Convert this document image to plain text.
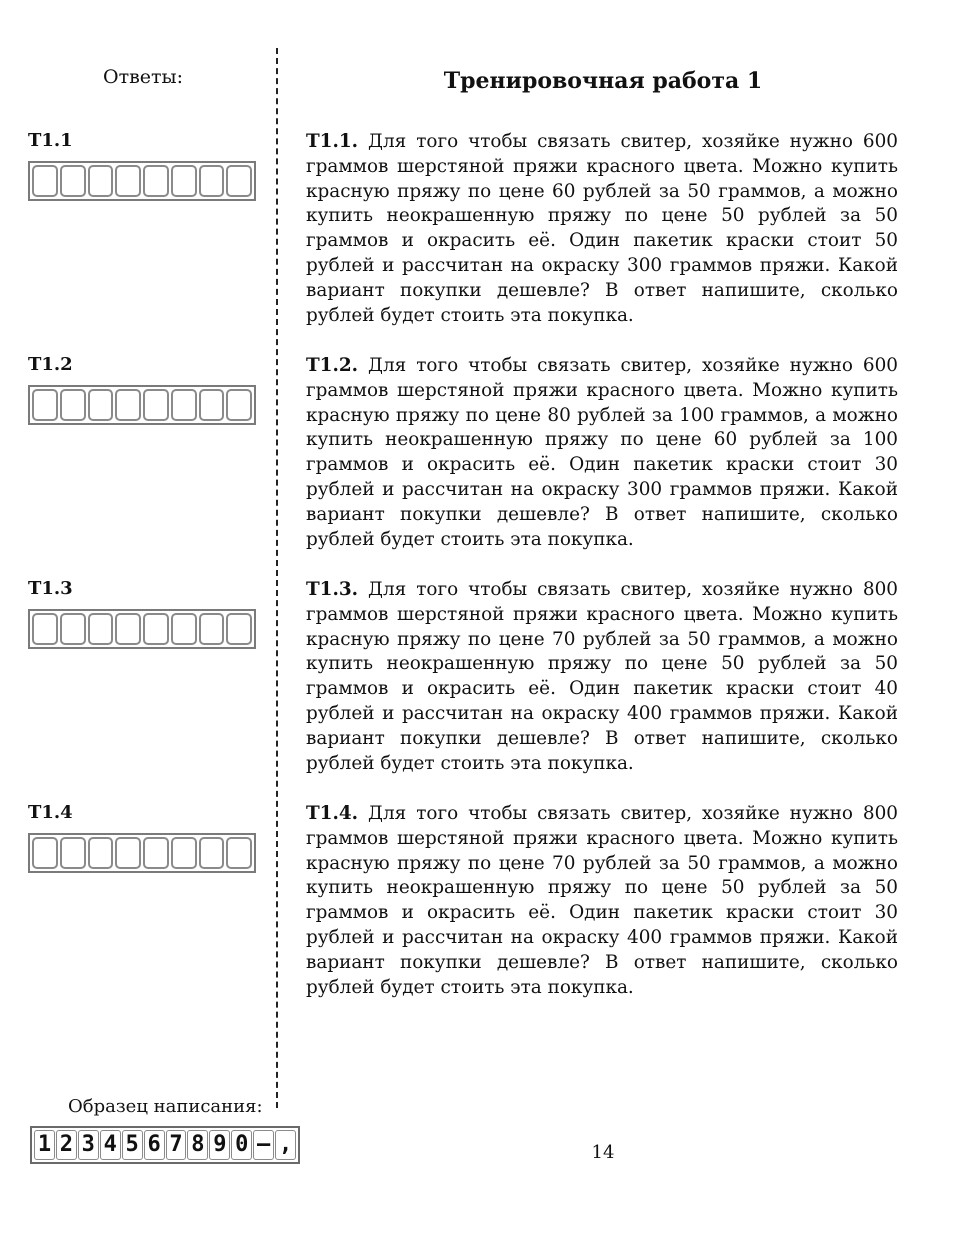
Ответы:	Тренировочная работа 1
Т1.1
Т1.2
Т1.3
Т1.4

Т1.1. Для того чтобы связать свитер, хозяйке нужно 600 граммов шерстяной пряжи красного цвета. Можно купить красную пряжу по цене 60 рублей за 50 граммов, а можно купить неокрашенную пряжу по цене 50 рублей за 50 граммов и окрасить её. Один пакетик краски стоит 50 рублей и рассчитан на окраску 300 граммов пряжи. Какой вариант покупки дешевле? В ответ напишите, сколько рублей будет стоить эта покупка.

Т1.2. Для того чтобы связать свитер, хозяйке нужно 600 граммов шерстяной пряжи красного цвета. Можно купить красную пряжу по цене 80 рублей за 100 граммов, а можно купить неокрашенную пряжу по цене 60 рублей за 100 граммов и окрасить её. Один пакетик краски стоит 30 рублей и рассчитан на окраску 300 граммов пряжи. Какой вариант покупки дешевле? В ответ напишите, сколько рублей будет стоить эта покупка.

Т1.3. Для того чтобы связать свитер, хозяйке нужно 800 граммов шерстяной пряжи красного цвета. Можно купить красную пряжу по цене 70 рублей за 50 граммов, а можно купить неокрашенную пряжу по цене 50 рублей за 50 граммов и окрасить её. Один пакетик краски стоит 40 рублей и рассчитан на окраску 400 граммов пряжи. Какой вариант покупки дешевле? В ответ напишите, сколько рублей будет стоить эта покупка.

Т1.4. Для того чтобы связать свитер, хозяйке нужно 800 граммов шерстяной пряжи красного цвета. Можно купить красную пряжу по цене 70 рублей за 50 граммов, а можно купить неокрашенную пряжу по цене 50 рублей за 50 граммов и окрасить её. Один пакетик краски стоит 30 рублей и рассчитан на окраску 400 граммов пряжи. Какой вариант покупки дешевле? В ответ напишите, сколько рублей будет стоить эта покупка.

Образец написания:
1 2 3 4 5 6 7 8 9 0 – ,	14
